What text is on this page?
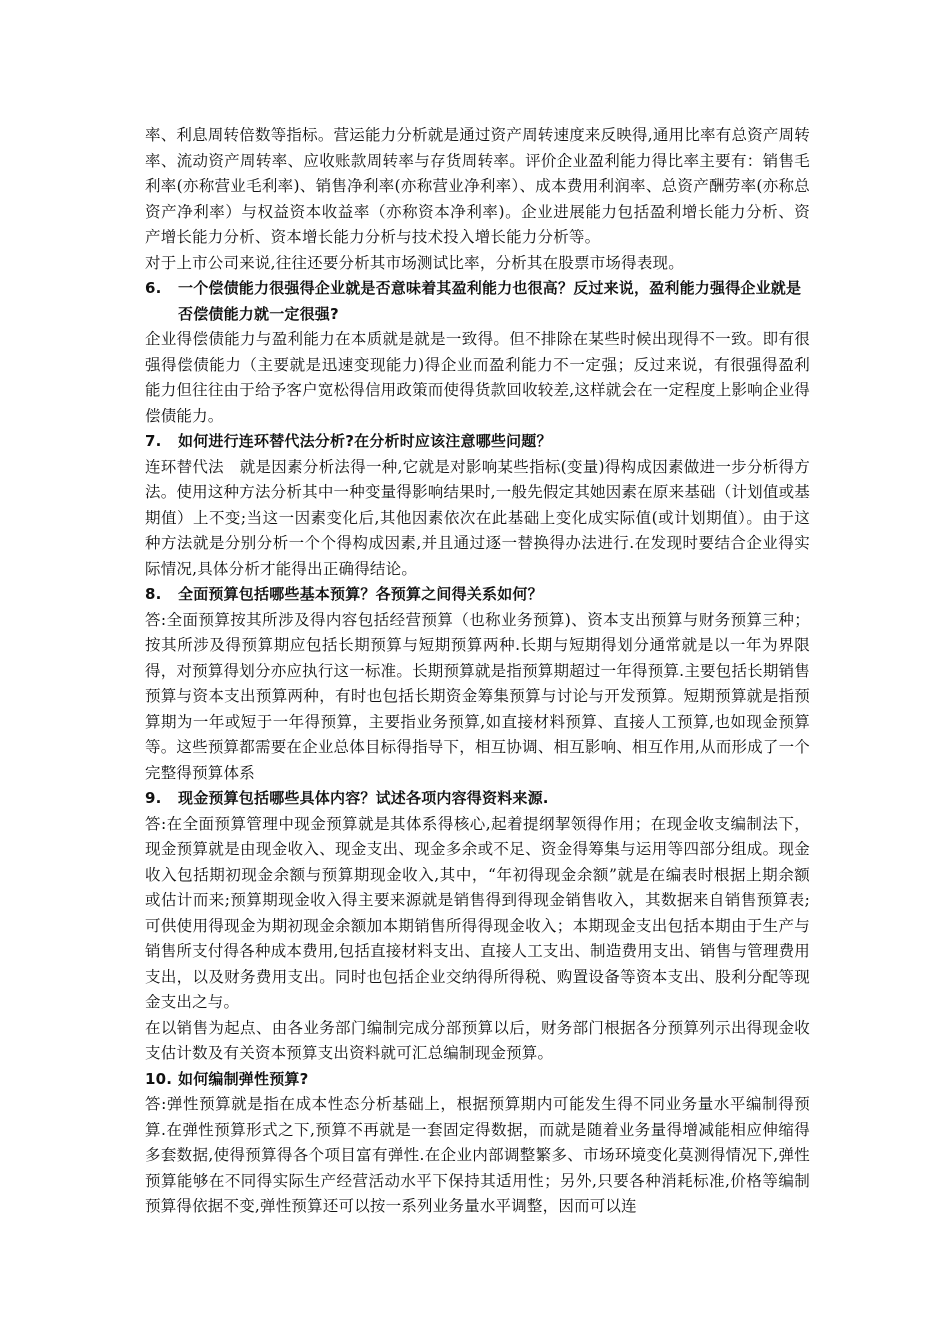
率、利息周转倍数等指标。营运能力分析就是通过资产周转速度来反映得,通用比率有总资产周转率、流动资产周转率、应收账款周转率与存货周转率。评价企业盈利能力得比率主要有：销售毛利率(亦称营业毛利率)、销售净利率(亦称营业净利率）、成本费用利润率、总资产酬劳率(亦称总资产净利率）与权益资本收益率（亦称资本净利率)。企业进展能力包括盈利增长能力分析、资产增长能力分析、资本增长能力分析与技术投入增长能力分析等。

对于上市公司来说,往往还要分析其市场测试比率，分析其在股票市场得表现。

6. 一个偿债能力很强得企业就是否意味着其盈利能力也很高？反过来说，盈利能力强得企业就是否偿债能力就一定很强?

企业得偿债能力与盈利能力在本质就是就是一致得。但不排除在某些时候出现得不一致。即有很强得偿债能力（主要就是迅速变现能力)得企业而盈利能力不一定强；反过来说，有很强得盈利能力但往往由于给予客户宽松得信用政策而使得货款回收较差,这样就会在一定程度上影响企业得偿债能力。

7. 如何进行连环替代法分析?在分析时应该注意哪些问题？

连环替代法　就是因素分析法得一种,它就是对影响某些指标(变量)得构成因素做进一步分析得方法。使用这种方法分析其中一种变量得影响结果时,一般先假定其她因素在原来基础（计划值或基期值）上不变;当这一因素变化后,其他因素依次在此基础上变化成实际值(或计划期值）。由于这种方法就是分别分析一个个得构成因素,并且通过逐一替换得办法进行.在发现时要结合企业得实际情况,具体分析才能得出正确得结论。

8. 全面预算包括哪些基本预算？各预算之间得关系如何？

答:全面预算按其所涉及得内容包括经营预算（也称业务预算)、资本支出预算与财务预算三种；按其所涉及得预算期应包括长期预算与短期预算两种.长期与短期得划分通常就是以一年为界限得，对预算得划分亦应执行这一标准。长期预算就是指预算期超过一年得预算.主要包括长期销售预算与资本支出预算两种，有时也包括长期资金筹集预算与讨论与开发预算。短期预算就是指预算期为一年或短于一年得预算，主要指业务预算,如直接材料预算、直接人工预算,也如现金预算等。这些预算都需要在企业总体目标得指导下，相互协调、相互影响、相互作用,从而形成了一个完整得预算体系

9. 现金预算包括哪些具体内容？试述各项内容得资料来源.

答:在全面预算管理中现金预算就是其体系得核心,起着提纲挈领得作用；在现金收支编制法下，现金预算就是由现金收入、现金支出、现金多余或不足、资金得筹集与运用等四部分组成。现金收入包括期初现金余额与预算期现金收入,其中，“年初得现金余额”就是在编表时根据上期余额或估计而来;预算期现金收入得主要来源就是销售得到得现金销售收入，其数据来自销售预算表;可供使用得现金为期初现金余额加本期销售所得得现金收入；本期现金支出包括本期由于生产与销售所支付得各种成本费用,包括直接材料支出、直接人工支出、制造费用支出、销售与管理费用支出，以及财务费用支出。同时也包括企业交纳得所得税、购置设备等资本支出、股利分配等现金支出之与。

在以销售为起点、由各业务部门编制完成分部预算以后，财务部门根据各分预算列示出得现金收支估计数及有关资本预算支出资料就可汇总编制现金预算。

10. 如何编制弹性预算?

答:弹性预算就是指在成本性态分析基础上，根据预算期内可能发生得不同业务量水平编制得预算.在弹性预算形式之下,预算不再就是一套固定得数据，而就是随着业务量得增减能相应伸缩得多套数据,使得预算得各个项目富有弹性.在企业内部调整繁多、市场环境变化莫测得情况下,弹性预算能够在不同得实际生产经营活动水平下保持其适用性；另外,只要各种消耗标准,价格等编制预算得依据不变,弹性预算还可以按一系列业务量水平调整，因而可以连
